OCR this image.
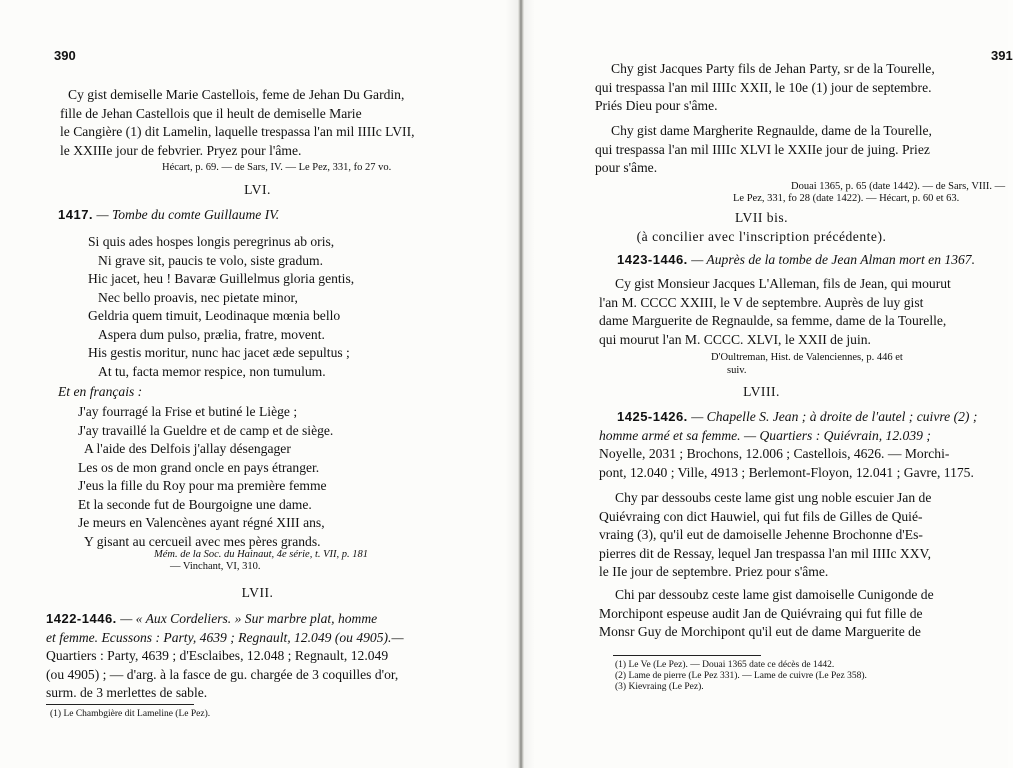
390
Cy gist demiselle Marie Castellois, feme de Jehan Du Gardin,
fille de Jehan Castellois que il heult de demiselle Marie
le Cangière (1) dit Lamelin, laquelle trespassa l'an mil IIIIc LVII,
le XXIIIe jour de febvrier. Pryez pour l'âme.
Hécart, p. 69. — de Sars, IV. — Le Pez, 331, fo 27 vo.
LVI.
1417. — Tombe du comte Guillaume IV.
Si quis ades hospes longis peregrinus ab oris,
Ni grave sit, paucis te volo, siste gradum.
Hic jacet, heu ! Bavaræ Guillelmus gloria gentis,
Nec bello proavis, nec pietate minor,
Geldria quem timuit, Leodinaque mœnia bello
Aspera dum pulso, prælia, fratre, movent.
His gestis moritur, nunc hac jacet æde sepultus ;
At tu, facta memor respice, non tumulum.
Et en français :
J'ay fourragé la Frise et butiné le Liège ;
J'ay travaillé la Gueldre et de camp et de siège.
A l'aide des Delfois j'allay désengager
Les os de mon grand oncle en pays étranger.
J'eus la fille du Roy pour ma première femme
Et la seconde fut de Bourgoigne une dame.
Je meurs en Valencènes ayant régné XIII ans,
Y gisant au cercueil avec mes pères grands.
Mém. de la Soc. du Hainaut, 4e série, t. VII, p. 181
— Vinchant, VI, 310.
LVII.
1422-1446. — « Aux Cordeliers. » Sur marbre plat, homme
et femme. Ecussons : Party, 4639 ; Regnault, 12.049 (ou 4905).—
Quartiers : Party, 4639 ; d'Esclaibes, 12.048 ; Regnault, 12.049
(ou 4905) ; — d'arg. à la fasce de gu. chargée de 3 coquilles d'or,
surm. de 3 merlettes de sable.
(1) Le Chambgière dit Lameline (Le Pez).
391
Chy gist Jacques Party fils de Jehan Party, sr de la Tourelle,
qui trespassa l'an mil IIIIc XXII, le 10e (1) jour de septembre.
Priés Dieu pour s'âme.
Chy gist dame Margherite Regnaulde, dame de la Tourelle,
qui trespassa l'an mil IIIIc XLVI le XXIIe jour de juing. Priez
pour s'âme.
Douai 1365, p. 65 (date 1442). — de Sars, VIII. —
Le Pez, 331, fo 28 (date 1422). — Hécart, p. 60 et 63.
LVII bis.
(à concilier avec l'inscription précédente).
1423-1446. — Auprès de la tombe de Jean Alman mort en 1367.
Cy gist Monsieur Jacques L'Alleman, fils de Jean, qui mourut
l'an M. CCCC XXIII, le V de septembre. Auprès de luy gist
dame Marguerite de Regnaulde, sa femme, dame de la Tourelle,
qui mourut l'an M. CCCC. XLVI, le XXII de juin.
D'Oultreman, Hist. de Valenciennes, p. 446 et
suiv.
LVIII.
1425-1426. — Chapelle S. Jean ; à droite de l'autel ; cuivre (2) ;
homme armé et sa femme. — Quartiers : Quiévrain, 12.039 ;
Noyelle, 2031 ; Brochons, 12.006 ; Castellois, 4626. — Morchi-
pont, 12.040 ; Ville, 4913 ; Berlemont-Floyon, 12.041 ; Gavre, 1175.
Chy par dessoubs ceste lame gist ung noble escuier Jan de
Quiévraing con dict Hauwiel, qui fut fils de Gilles de Quié-
vraing (3), qu'il eut de damoiselle Jehenne Brochonne d'Es-
pierres dit de Ressay, lequel Jan trespassa l'an mil IIIIc XXV,
le IIe jour de septembre. Priez pour s'âme.
Chi par dessoubz ceste lame gist damoiselle Cunigonde de
Morchipont espeuse audit Jan de Quiévraing qui fut fille de
Monsr Guy de Morchipont qu'il eut de dame Marguerite de
(1) Le Ve (Le Pez). — Douai 1365 date ce décès de 1442.
(2) Lame de pierre (Le Pez 331). — Lame de cuivre (Le Pez 358).
(3) Kievraing (Le Pez).
